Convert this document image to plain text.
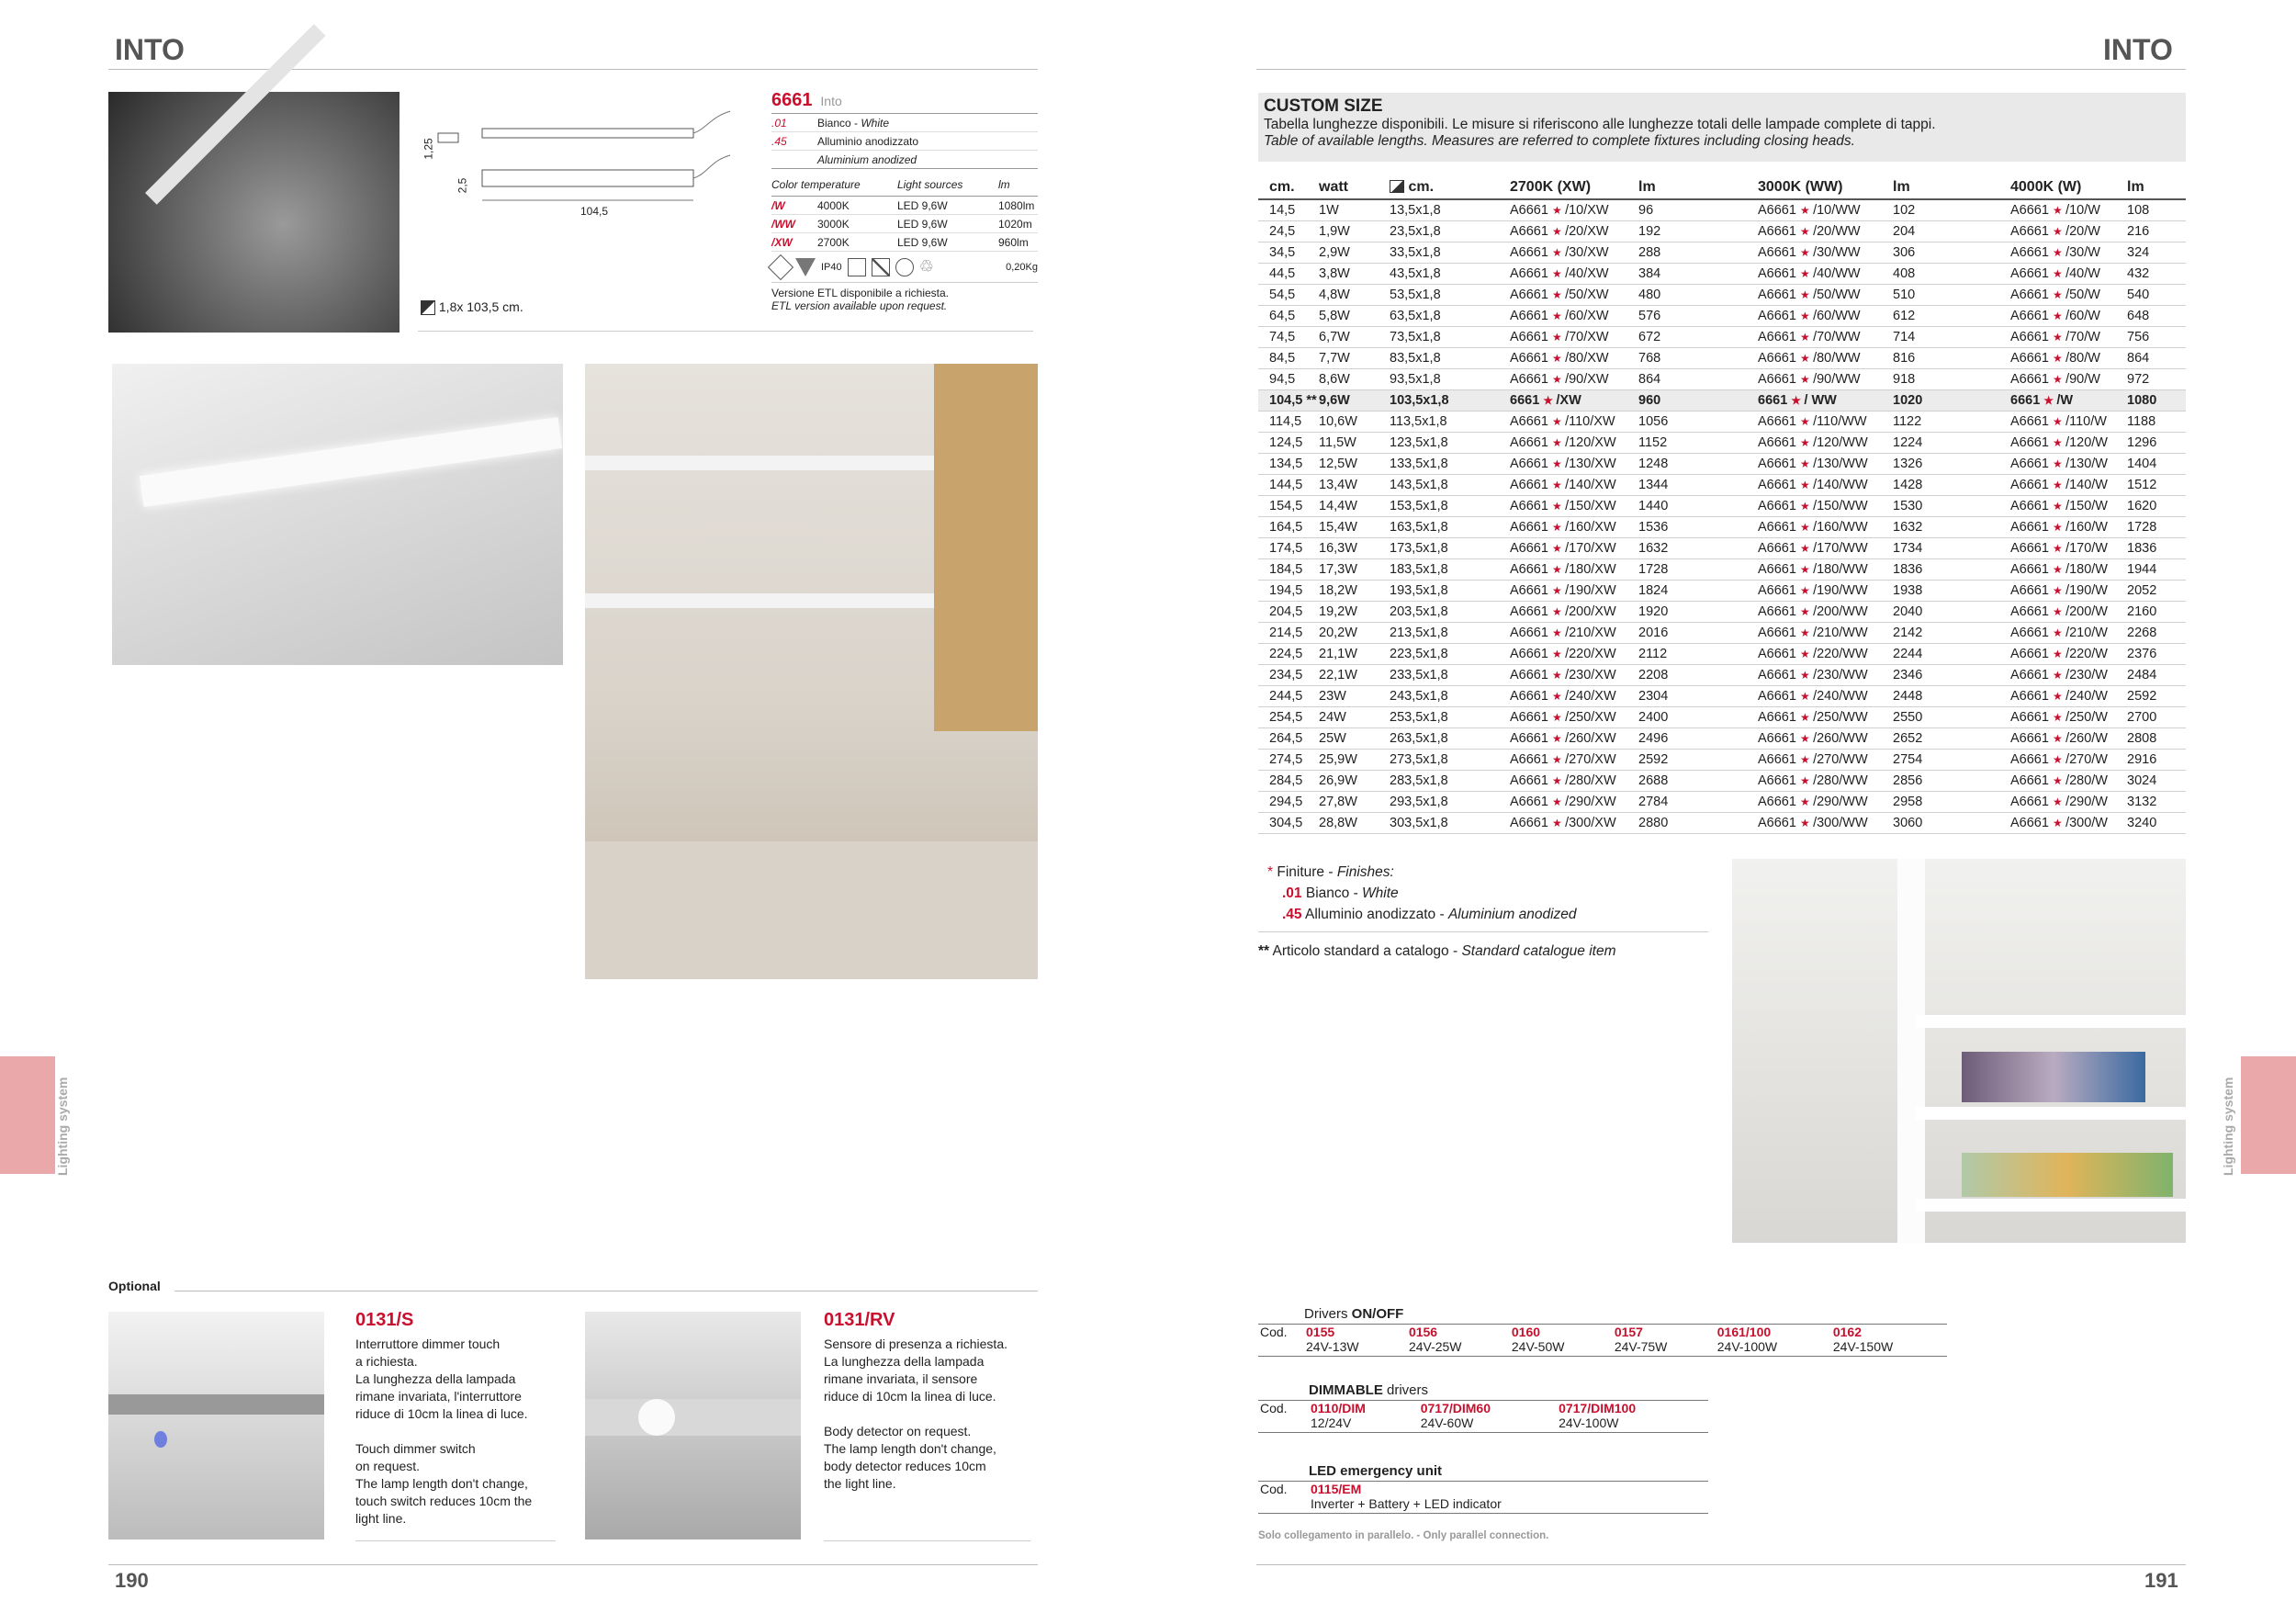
INTO
1,25
2,5
104,5
1,8x 103,5 cm.
6661 Into
.01	Bianco - White
.45	Alluminio anodizzato
Aluminium anodized
Color temperature	Light sources	lm
/W	4000K	LED 9,6W	1080lm
/WW	3000K	LED 9,6W	1020m
/XW	2700K	LED 9,6W	960lm
IP40	♲	0,20Kg
Versione ETL disponibile a richiesta.
ETL version available upon request.
Lighting system
Optional
0131/S
Interruttore dimmer touch
a richiesta.
La lunghezza della lampada
rimane invariata, l'interruttore
riduce di 10cm la linea di luce.
Touch dimmer switch
on request.
The lamp length don't change,
touch switch reduces 10cm the
light line.
0131/RV
Sensore di presenza a richiesta.
La lunghezza della lampada
rimane invariata, il sensore
riduce di 10cm la linea di luce.
Body detector on request.
The lamp length don't change,
body detector reduces 10cm
the light line.
190
INTO
CUSTOM SIZE
Tabella lunghezze disponibili. Le misure si riferiscono alle lunghezze totali delle lampade complete di tappi.
Table of available lengths. Measures are referred to complete fixtures including closing heads.
cm.	watt	cm.	2700K (XW)	lm	3000K (WW)	lm	4000K (W)	lm
14,5	1W	13,5x1,8	A6661 ★ /10/XW	96	A6661 ★ /10/WW	102	A6661 ★ /10/W	108
24,5	1,9W	23,5x1,8	A6661 ★ /20/XW	192	A6661 ★ /20/WW	204	A6661 ★ /20/W	216
34,5	2,9W	33,5x1,8	A6661 ★ /30/XW	288	A6661 ★ /30/WW	306	A6661 ★ /30/W	324
44,5	3,8W	43,5x1,8	A6661 ★ /40/XW	384	A6661 ★ /40/WW	408	A6661 ★ /40/W	432
54,5	4,8W	53,5x1,8	A6661 ★ /50/XW	480	A6661 ★ /50/WW	510	A6661 ★ /50/W	540
64,5	5,8W	63,5x1,8	A6661 ★ /60/XW	576	A6661 ★ /60/WW	612	A6661 ★ /60/W	648
74,5	6,7W	73,5x1,8	A6661 ★ /70/XW	672	A6661 ★ /70/WW	714	A6661 ★ /70/W	756
84,5	7,7W	83,5x1,8	A6661 ★ /80/XW	768	A6661 ★ /80/WW	816	A6661 ★ /80/W	864
94,5	8,6W	93,5x1,8	A6661 ★ /90/XW	864	A6661 ★ /90/WW	918	A6661 ★ /90/W	972
104,5 **	9,6W	103,5x1,8	6661 ★ /XW	960	6661 ★ / WW	1020	6661 ★ /W	1080
114,5	10,6W	113,5x1,8	A6661 ★ /110/XW	1056	A6661 ★ /110/WW	1122	A6661 ★ /110/W	1188
124,5	11,5W	123,5x1,8	A6661 ★ /120/XW	1152	A6661 ★ /120/WW	1224	A6661 ★ /120/W	1296
134,5	12,5W	133,5x1,8	A6661 ★ /130/XW	1248	A6661 ★ /130/WW	1326	A6661 ★ /130/W	1404
144,5	13,4W	143,5x1,8	A6661 ★ /140/XW	1344	A6661 ★ /140/WW	1428	A6661 ★ /140/W	1512
154,5	14,4W	153,5x1,8	A6661 ★ /150/XW	1440	A6661 ★ /150/WW	1530	A6661 ★ /150/W	1620
164,5	15,4W	163,5x1,8	A6661 ★ /160/XW	1536	A6661 ★ /160/WW	1632	A6661 ★ /160/W	1728
174,5	16,3W	173,5x1,8	A6661 ★ /170/XW	1632	A6661 ★ /170/WW	1734	A6661 ★ /170/W	1836
184,5	17,3W	183,5x1,8	A6661 ★ /180/XW	1728	A6661 ★ /180/WW	1836	A6661 ★ /180/W	1944
194,5	18,2W	193,5x1,8	A6661 ★ /190/XW	1824	A6661 ★ /190/WW	1938	A6661 ★ /190/W	2052
204,5	19,2W	203,5x1,8	A6661 ★ /200/XW	1920	A6661 ★ /200/WW	2040	A6661 ★ /200/W	2160
214,5	20,2W	213,5x1,8	A6661 ★ /210/XW	2016	A6661 ★ /210/WW	2142	A6661 ★ /210/W	2268
224,5	21,1W	223,5x1,8	A6661 ★ /220/XW	2112	A6661 ★ /220/WW	2244	A6661 ★ /220/W	2376
234,5	22,1W	233,5x1,8	A6661 ★ /230/XW	2208	A6661 ★ /230/WW	2346	A6661 ★ /230/W	2484
244,5	23W	243,5x1,8	A6661 ★ /240/XW	2304	A6661 ★ /240/WW	2448	A6661 ★ /240/W	2592
254,5	24W	253,5x1,8	A6661 ★ /250/XW	2400	A6661 ★ /250/WW	2550	A6661 ★ /250/W	2700
264,5	25W	263,5x1,8	A6661 ★ /260/XW	2496	A6661 ★ /260/WW	2652	A6661 ★ /260/W	2808
274,5	25,9W	273,5x1,8	A6661 ★ /270/XW	2592	A6661 ★ /270/WW	2754	A6661 ★ /270/W	2916
284,5	26,9W	283,5x1,8	A6661 ★ /280/XW	2688	A6661 ★ /280/WW	2856	A6661 ★ /280/W	3024
294,5	27,8W	293,5x1,8	A6661 ★ /290/XW	2784	A6661 ★ /290/WW	2958	A6661 ★ /290/W	3132
304,5	28,8W	303,5x1,8	A6661 ★ /300/XW	2880	A6661 ★ /300/WW	3060	A6661 ★ /300/W	3240
* Finiture - Finishes:
.01 Bianco - White
.45 Alluminio anodizzato - Aluminium anodized
** Articolo standard a catalogo - Standard catalogue item
Drivers ON/OFF
Cod.	0155	0156	0160	0157	0161/100	0162
	24V-13W	24V-25W	24V-50W	24V-75W	24V-100W	24V-150W
DIMMABLE drivers
Cod.	0110/DIM	0717/DIM60	0717/DIM100
	12/24V	24V-60W	24V-100W
LED emergency unit
Cod.	0115/EM
Inverter + Battery + LED indicator
Solo collegamento in parallelo. - Only parallel connection.
Lighting system
191
